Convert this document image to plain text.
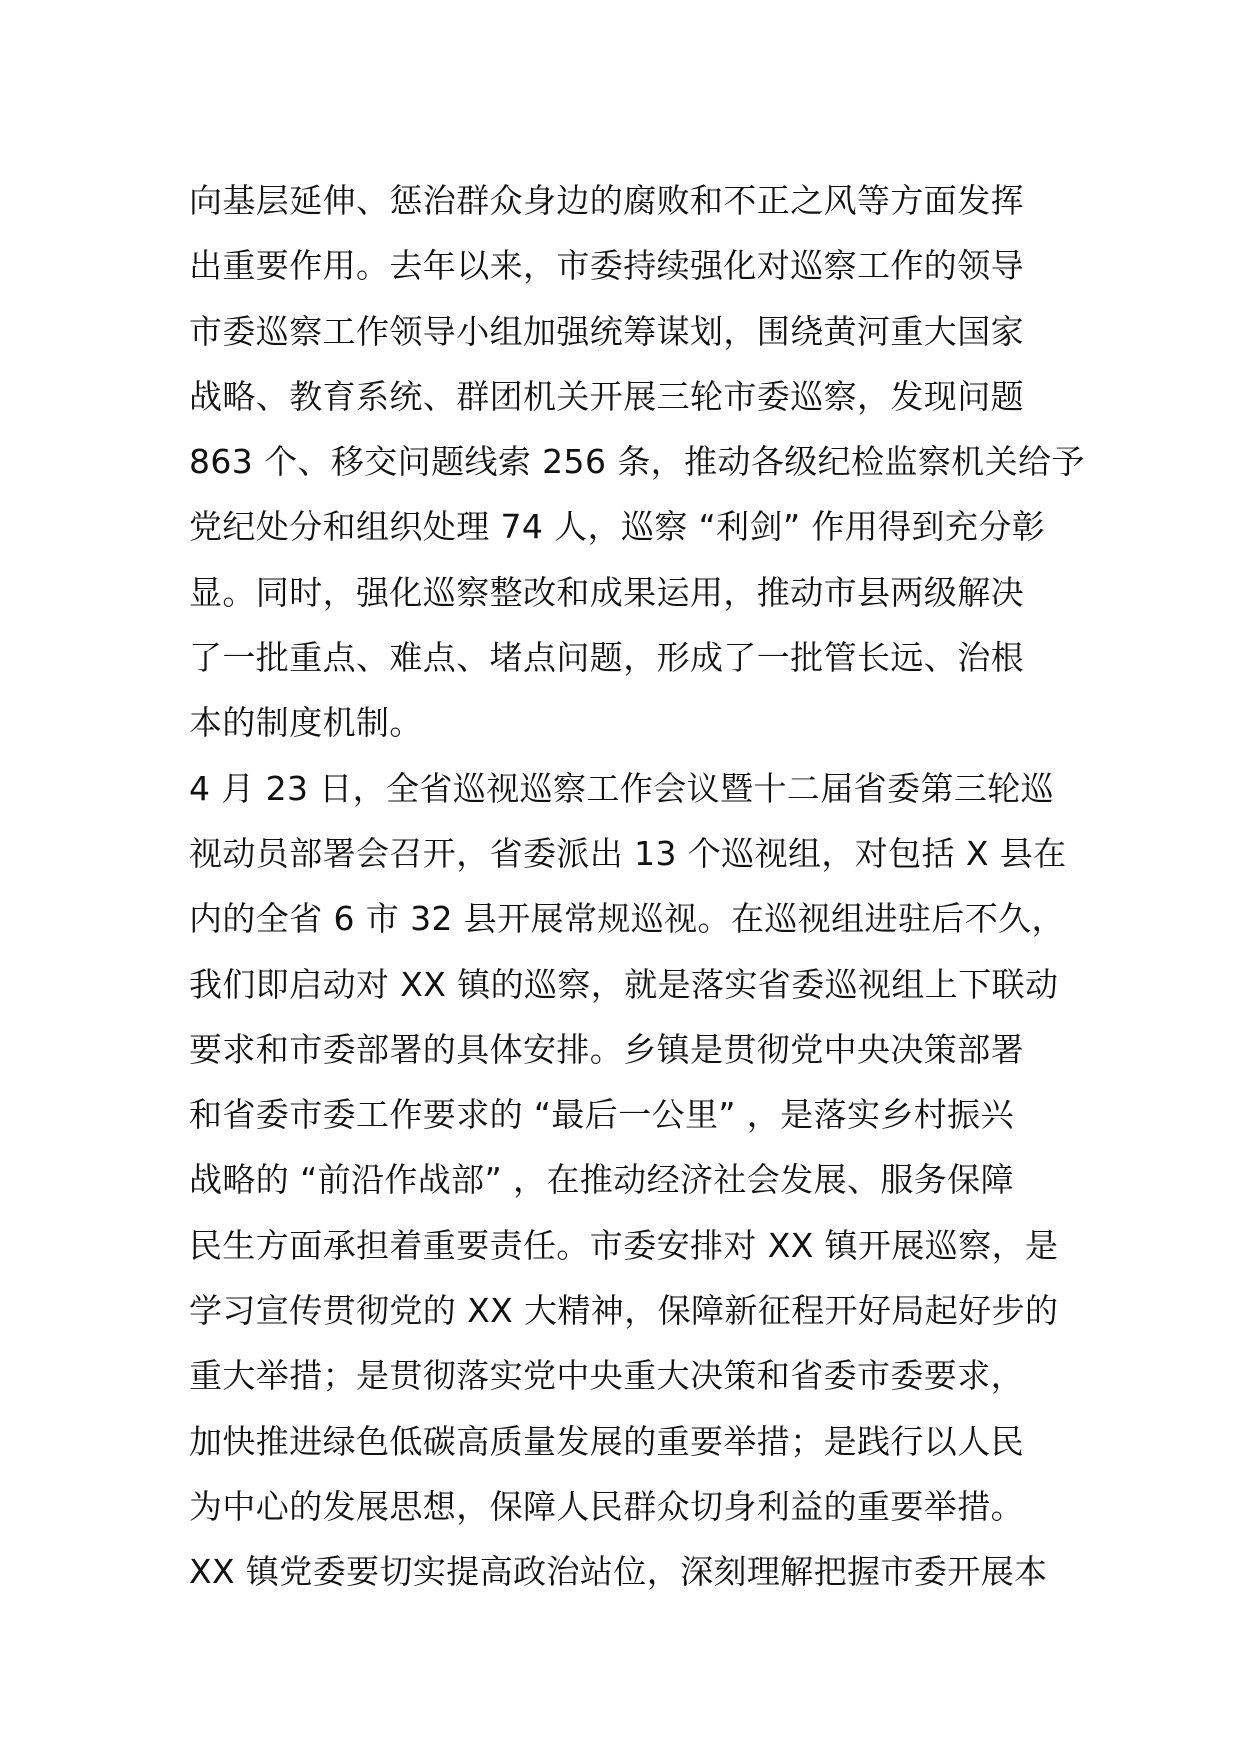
向基层延伸、惩治群众身边的腐败和不正之风等方面发挥
出重要作用。去年以来，市委持续强化对巡察工作的领导
市委巡察工作领导小组加强统筹谋划，围绕黄河重大国家
战略、教育系统、群团机关开展三轮市委巡察，发现问题
863 个、移交问题线索 256 条，推动各级纪检监察机关给予
党纪处分和组织处理 74 人，巡察 “利剑” 作用得到充分彰
显。同时，强化巡察整改和成果运用，推动市县两级解决
了一批重点、难点、堵点问题，形成了一批管长远、治根
本的制度机制。
4 月 23 日，全省巡视巡察工作会议暨十二届省委第三轮巡
视动员部署会召开，省委派出 13 个巡视组，对包括 X 县在
内的全省 6 市 32 县开展常规巡视。在巡视组进驻后不久，
我们即启动对 XX 镇的巡察，就是落实省委巡视组上下联动
要求和市委部署的具体安排。乡镇是贯彻党中央决策部署
和省委市委工作要求的 “最后一公里” ，是落实乡村振兴
战略的 “前沿作战部” ，在推动经济社会发展、服务保障
民生方面承担着重要责任。市委安排对 XX 镇开展巡察，是
学习宣传贯彻党的 XX 大精神，保障新征程开好局起好步的
重大举措；是贯彻落实党中央重大决策和省委市委要求，
加快推进绿色低碳高质量发展的重要举措；是践行以人民
为中心的发展思想，保障人民群众切身利益的重要举措。
XX 镇党委要切实提高政治站位，深刻理解把握市委开展本
